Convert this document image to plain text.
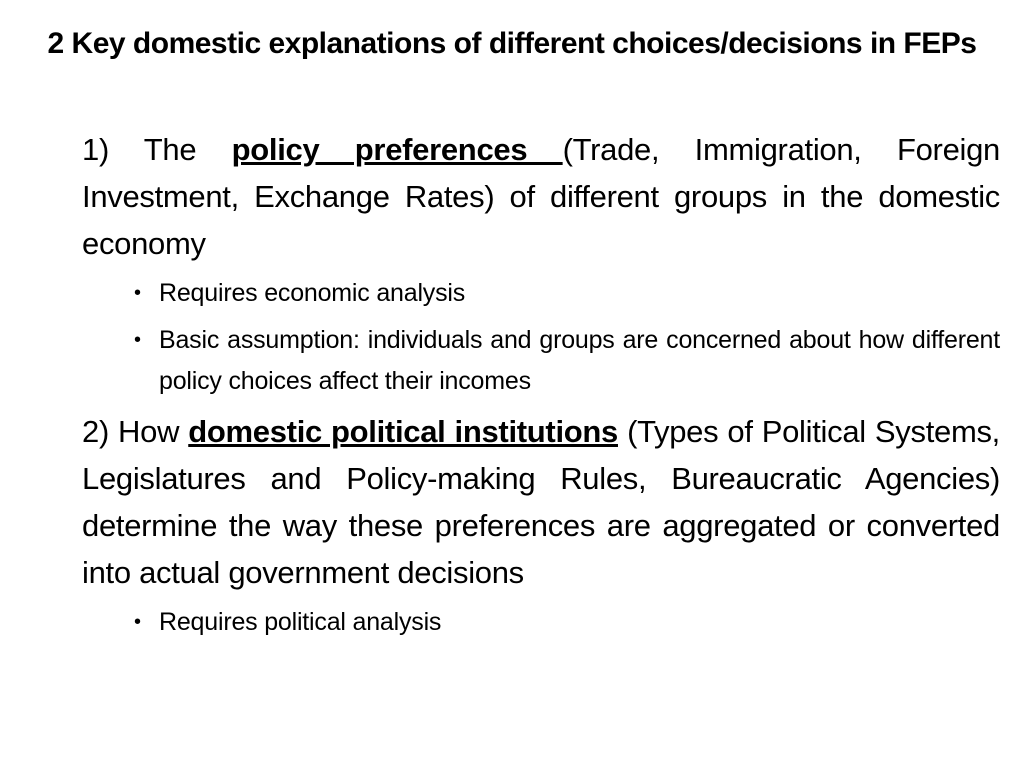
2 Key domestic explanations of different choices/decisions in FEPs

1) The policy preferences (Trade, Immigration, Foreign Investment, Exchange Rates) of different groups in the domestic economy

• Requires economic analysis
• Basic assumption: individuals and groups are concerned about how different policy choices affect their incomes

2) How domestic political institutions (Types of Political Systems, Legislatures and Policy-making Rules, Bureaucratic Agencies) determine the way these preferences are aggregated or converted into actual government decisions

• Requires political analysis
